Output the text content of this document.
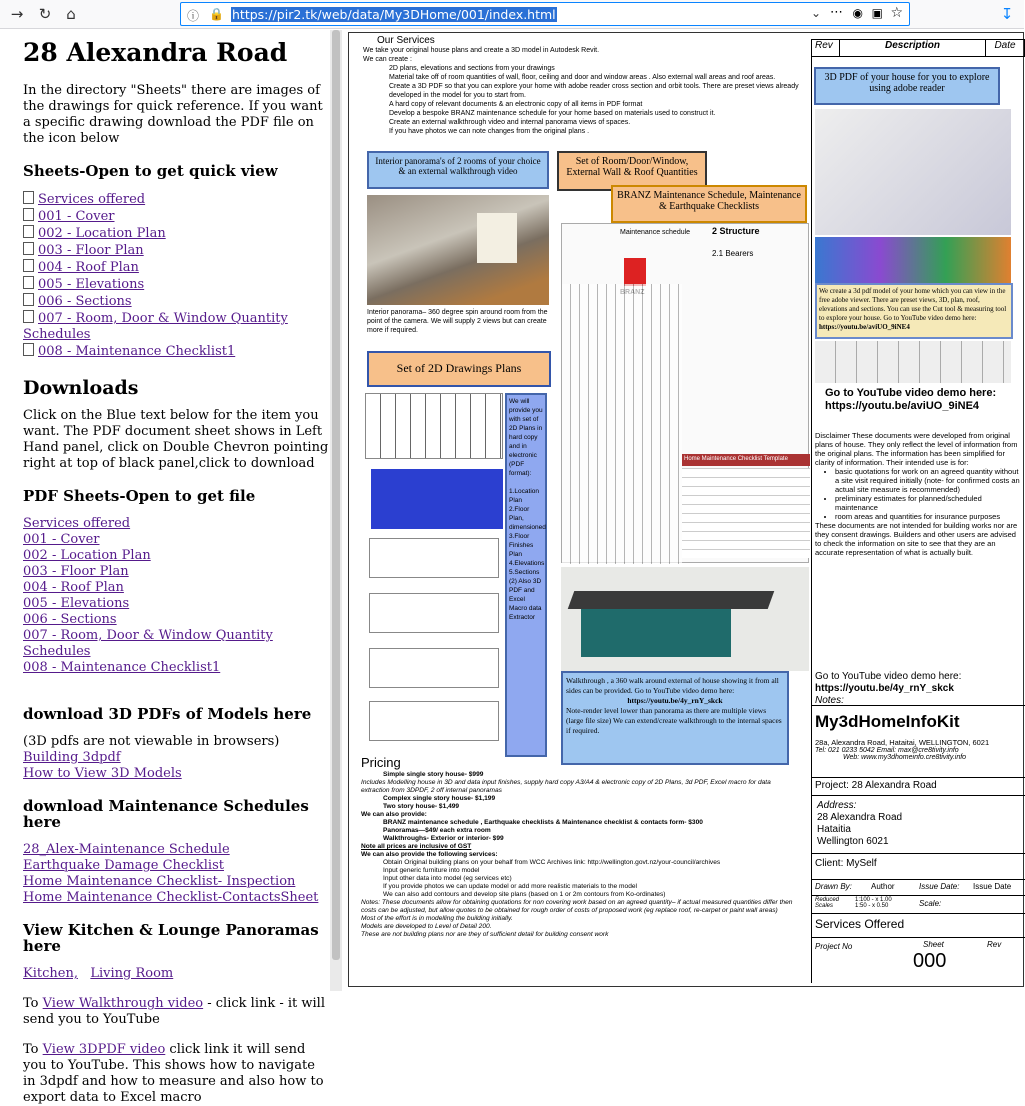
→	↻ ⌂	ⓘ 🔒 https://pir2.tk/web/data/My3DHome/001/index.html	⌄ ⋯ ◉ ▣ ☆	↧
28 Alexandra Road

In the directory "Sheets" there are images of the drawings for quick reference. If you want a specific drawing download the PDF file on the icon below

Sheets-Open to get quick view
Services offered
001 - Cover
002 - Location Plan
003 - Floor Plan
004 - Roof Plan
005 - Elevations
006 - Sections
007 - Room, Door & Window Quantity Schedules
008 - Maintenance Checklist1
Downloads

Click on the Blue text below for the item you want. The PDF document sheet shows in Left Hand panel, click on Double Chevron pointing right at top of black panel,click to download

PDF Sheets-Open to get file
Services offered
001 - Cover
002 - Location Plan
003 - Floor Plan
004 - Roof Plan
005 - Elevations
006 - Sections
007 - Room, Door & Window Quantity Schedules
008 - Maintenance Checklist1
download 3D PDFs of Models here

(3D pdfs are not viewable in browsers) Building 3dpdf
How to View 3D Models

download Maintenance Schedules here
28_Alex-Maintenance Schedule
Earthquake Damage Checklist
Home Maintenance Checklist- Inspection
Home Maintenance Checklist-ContactsSheet
View Kitchen & Lounge Panoramas here

Kitchen, Living Room

To View Walkthrough video - click link - it will send you to YouTube

To View 3DPDF video click link it will send you to YouTube. This shows how to navigate in 3dpdf and how to measure and also how to export data to Excel macro

Our Services
We take your original house plans and create a 3D model in Autodesk Revit.
We can create :
2D plans, elevations and sections from your drawings
Material take off of room quantities of wall, floor, ceiling and door and window areas . Also external wall areas and roof areas.
Create a 3D PDF so that you can explore your home with adobe reader cross section and orbit tools. There are preset views already developed in the model for you to start from.
A hard copy of relevant documents & an electronic copy of all items in PDF format
Develop a bespoke BRANZ maintenance schedule for your home based on materials used to construct it.
Create an external walkthrough video and internal panorama views of spaces.
If you have photos we can note changes from the original plans .
Interior panorama's of 2 rooms of your choice & an external walkthrough video
Set of Room/Door/Window, External Wall & Roof Quantities
BRANZ Maintenance Schedule, Maintenance & Earthquake Checklists
Interior panorama– 360 degree spin around room from the point of the camera. We will supply 2 views but can create more if required.
Maintenance schedule 2 Structure
2.1 Bearers
Home Maintenance Checklist Template
Set of 2D Drawings Plans
We will provide you with set of 2D Plans in hard copy and in electronic (PDF format):

1.Location Plan 2.Floor Plan, dimensioned 3.Floor Finishes Plan 4.Elevations 5.Sections (2) Also 3D PDF and Excel Macro data Extractor
Walkthrough , a 360 walk around external of house showing it from all sides can be provided. Go to YouTube video demo here:
https://youtu.be/4y_rnY_skck
Note-render level lower than panorama as there are multiple views (large file size) We can extend/create walkthrough to the internal spaces if required.
3D PDF of your house for you to explore using adobe reader
We create a 3d pdf model of your home which you can view in the free adobe viewer. There are preset views, 3D, plan, roof, elevations and sections. You can use the Cut tool & measuring tool to explore your house. Go to YouTube video demo here: https://youtu.be/aviUO_9iNE4
Go to YouTube video demo here:
https://youtu.be/aviUO_9iNE4
Disclaimer These documents were developed from original plans of house. They only reflect the level of information from the original plans. The information has been simplified for clarity of information. Their intended use is for:
• basic quotations for work on an agreed quantity without a site visit required initially (note- for confirmed costs an actual site measure is recommended)
• preliminary estimates for planned/scheduled maintenance
• room areas and quantities for insurance purposes
These documents are not intended for building works nor are they consent drawings. Builders and other users are advised to check the information on site to see that they are an accurate representation of what is actually built.
Go to YouTube video demo here:
https://youtu.be/4y_rnY_skck
Notes:
Pricing
Simple single story house- $999
Includes Modelling house in 3D and data input finishes, supply hard copy A3/A4 & electronic copy of 2D Plans, 3d PDF, Excel macro for data extraction from 3DPDF, 2 off internal panoramas
Complex single story house- $1,199
Two story house- $1,499
We can also provide:
BRANZ maintenance schedule , Earthquake checklists & Maintenance checklist & contacts form- $300
Panoramas—$49/ each extra room
Walkthroughs- Exterior or interior- $99
Note all prices are inclusive of GST
We can also provide the following services:
Obtain Original building plans on your behalf from WCC Archives link: http://wellington.govt.nz/your-council/archives
Input generic furniture into model
Input other data into model (eg services etc)
If you provide photos we can update model or add more realistic materials to the model
We can also add contours and develop site plans (based on 1 or 2m contours from Ko-ordinates)
Notes: These documents allow for obtaining quotations for non covering work based on an agreed quantity– if actual measured quantities differ then costs can be adjusted, but allow quotes to be obtained for rough order of costs of proposed work (eg replace roof, re-carpet or paint wall areas)
Most of the effort is in modelling the building initially.
Models are developed to Level of Detail 200.
These are not building plans nor are they of sufficient detail for building consent work
Rev	Description	Date
My3dHomeInfoKit
28a, Alexandra Road, Hataitai, WELLINGTON, 6021
Tel: 021 0233 5042 Email: max@cre8tivity.info
Web: www.my3dhomeinfo.cre8tivity.info
Project: 28 Alexandra Road
Address:
28 Alexandra Road
Hataitia
Wellington 6021
Client: MySelf
Drawn By: Author	Issue Date: Issue Date
Reduced Scales
1:100 - x 1.00 1:50 - x 0.50	Scale:
Services Offered
Project No	Sheet
000
Rev
